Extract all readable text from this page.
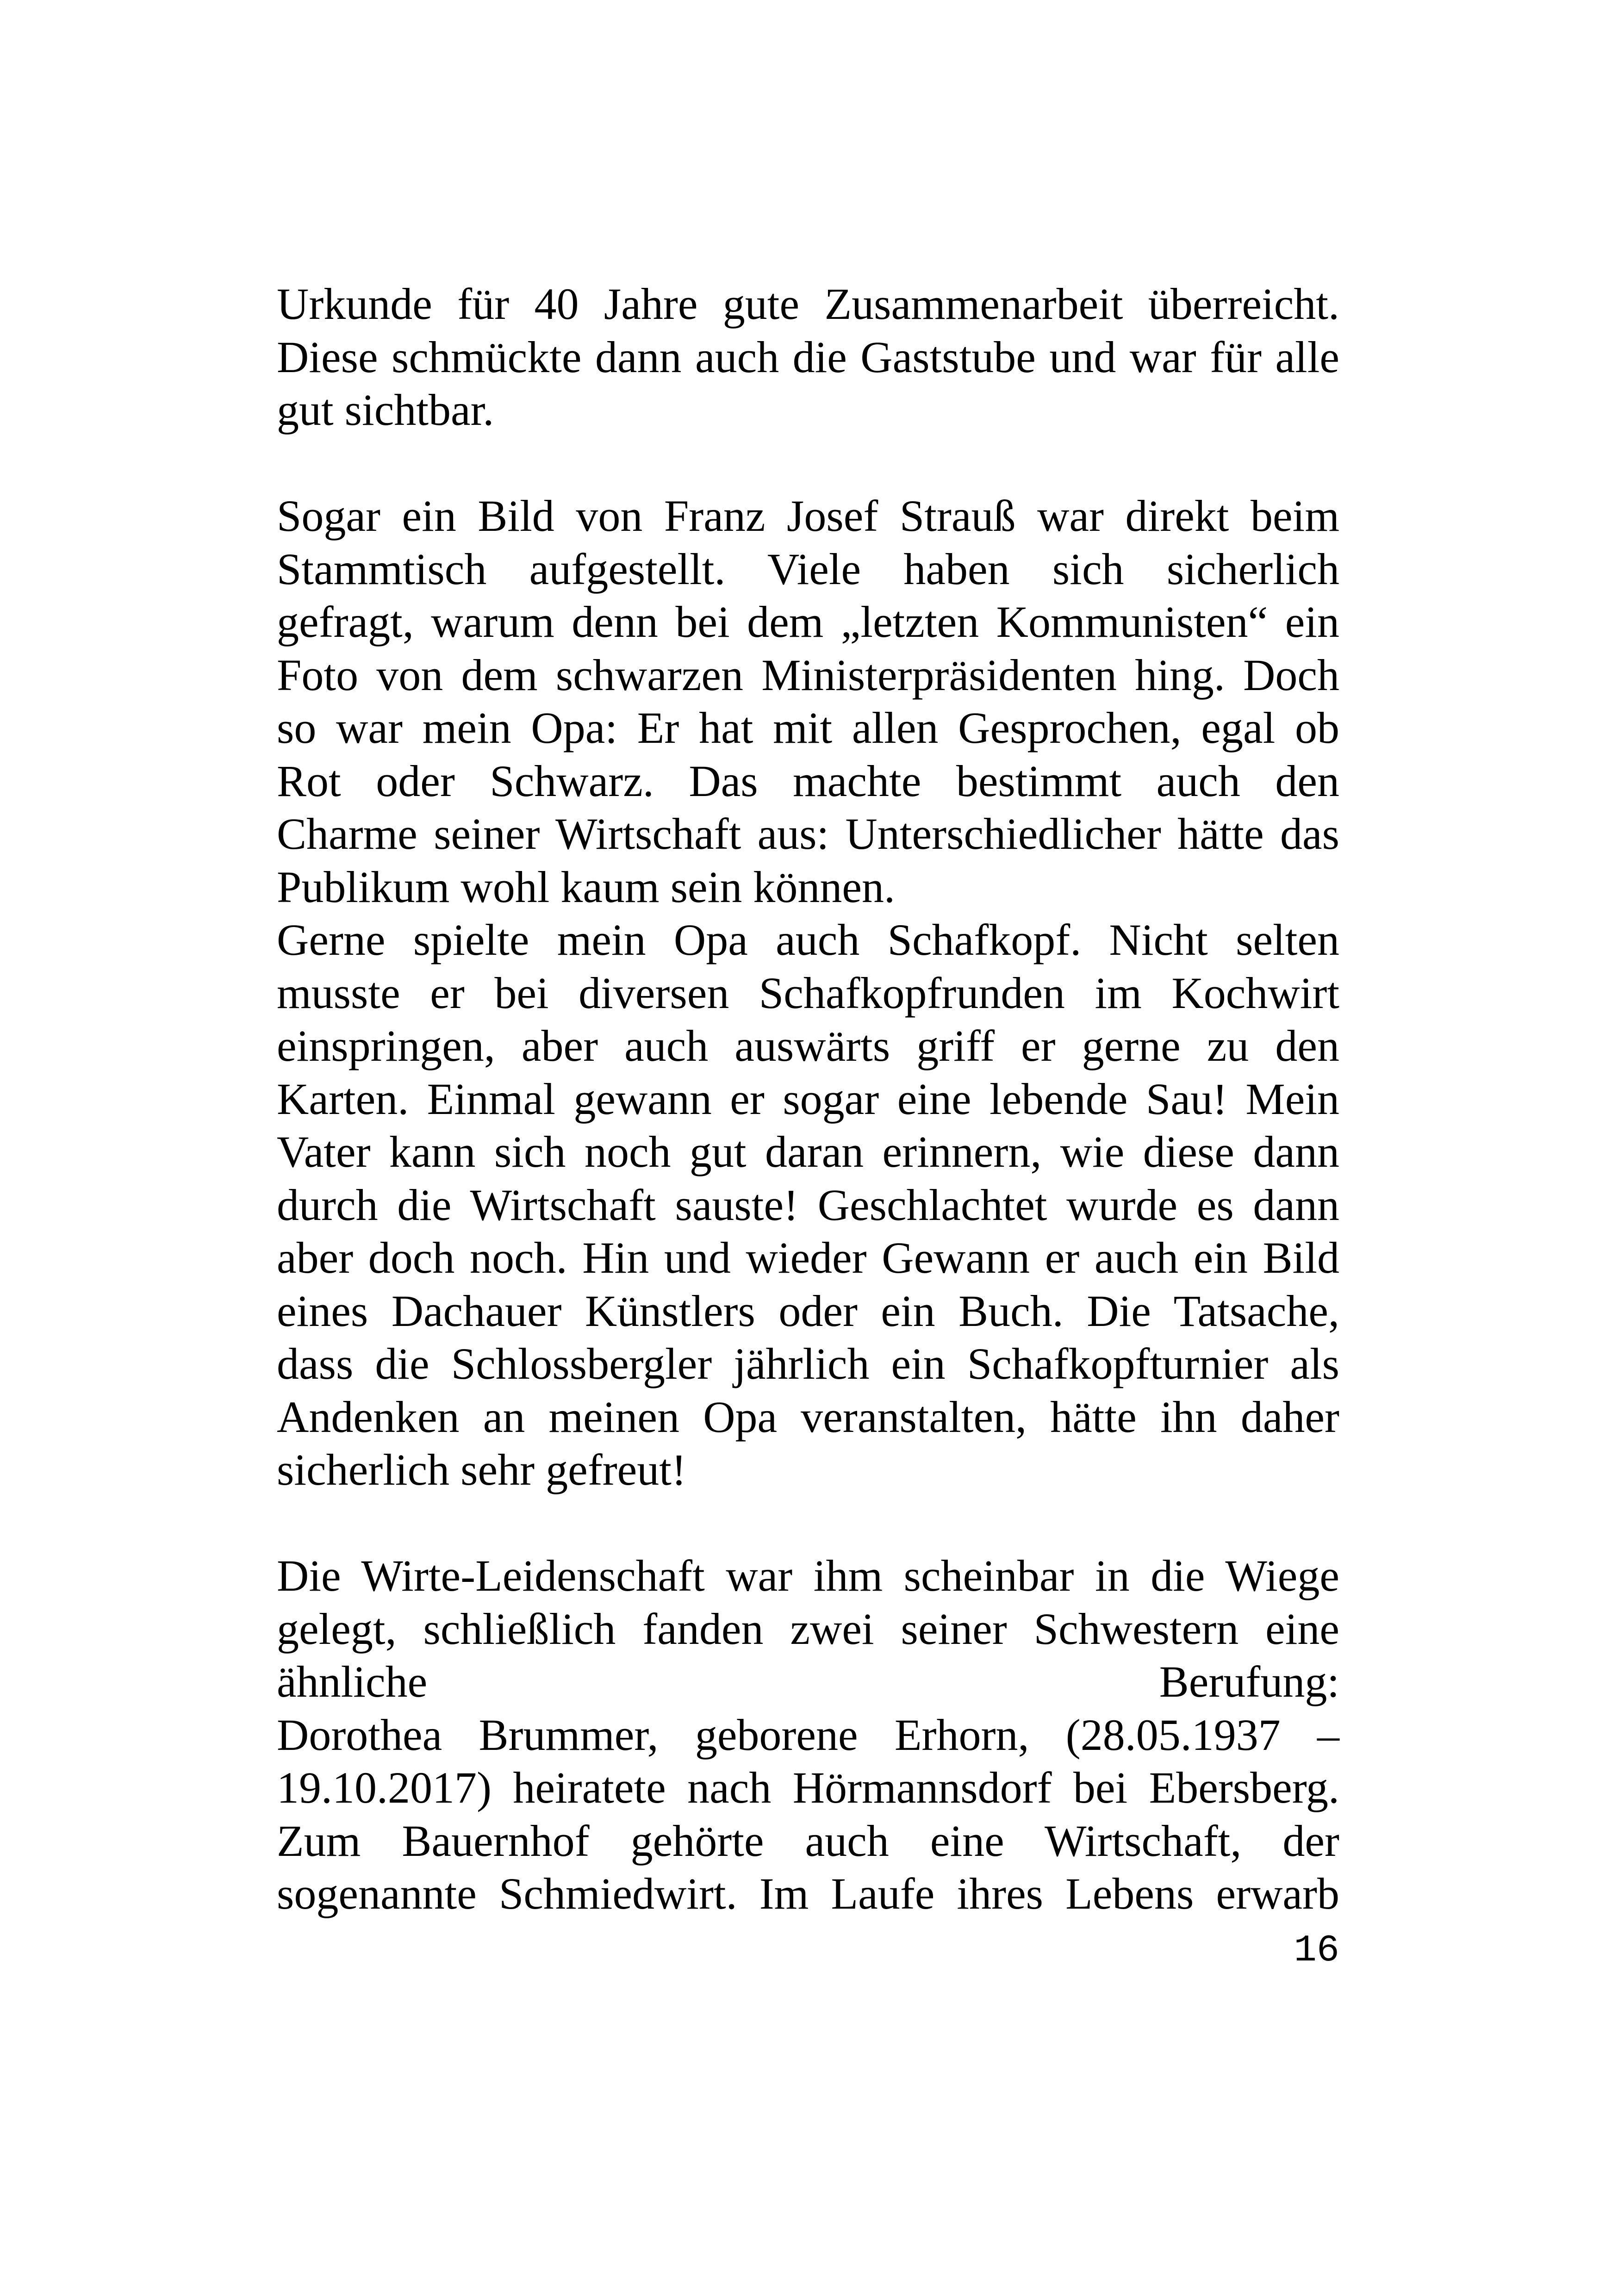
Urkunde für 40 Jahre gute Zusammenarbeit überreicht.
Diese schmückte dann auch die Gaststube und war für alle
gut sichtbar.
Sogar ein Bild von Franz Josef Strauß war direkt beim
Stammtisch aufgestellt. Viele haben sich sicherlich
gefragt, warum denn bei dem „letzten Kommunisten“ ein
Foto von dem schwarzen Ministerpräsidenten hing. Doch
so war mein Opa: Er hat mit allen Gesprochen, egal ob
Rot oder Schwarz. Das machte bestimmt auch den
Charme seiner Wirtschaft aus: Unterschiedlicher hätte das
Publikum wohl kaum sein können.
Gerne spielte mein Opa auch Schafkopf. Nicht selten
musste er bei diversen Schafkopfrunden im Kochwirt
einspringen, aber auch auswärts griff er gerne zu den
Karten. Einmal gewann er sogar eine lebende Sau! Mein
Vater kann sich noch gut daran erinnern, wie diese dann
durch die Wirtschaft sauste! Geschlachtet wurde es dann
aber doch noch. Hin und wieder Gewann er auch ein Bild
eines Dachauer Künstlers oder ein Buch. Die Tatsache,
dass die Schlossbergler jährlich ein Schafkopfturnier als
Andenken an meinen Opa veranstalten, hätte ihn daher
sicherlich sehr gefreut!
Die Wirte-Leidenschaft war ihm scheinbar in die Wiege
gelegt, schließlich fanden zwei seiner Schwestern eine
ähnliche Berufung:
Dorothea Brummer, geborene Erhorn, (28.05.1937 –
19.10.2017) heiratete nach Hörmannsdorf bei Ebersberg.
Zum Bauernhof gehörte auch eine Wirtschaft, der
sogenannte Schmiedwirt. Im Laufe ihres Lebens erwarb
16
